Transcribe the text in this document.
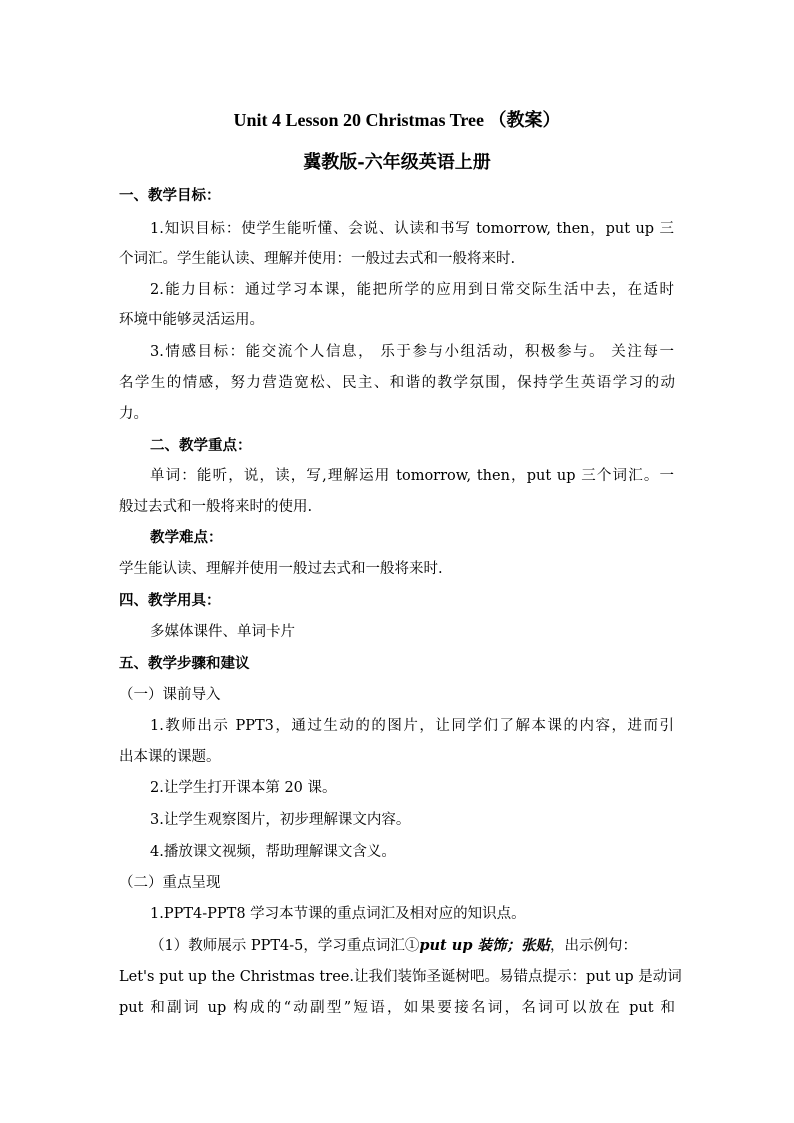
Unit 4 Lesson 20 Christmas Tree （教案）
冀教版-六年级英语上册
一、教学目标：
1.知识目标：使学生能听懂、会说、认读和书写 tomorrow, then，put up 三
个词汇。学生能认读、理解并使用：一般过去式和一般将来时.
2.能力目标：通过学习本课，能把所学的应用到日常交际生活中去，在适时
环境中能够灵活运用。
3.情感目标：能交流个人信息， 乐于参与小组活动，积极参与。 关注每一
名学生的情感，努力营造宽松、民主、和谐的教学氛围，保持学生英语学习的动
力。
二、教学重点：
单词：能听，说，读，写,理解运用 tomorrow, then，put up 三个词汇。一
般过去式和一般将来时的使用.
教学难点：
学生能认读、理解并使用一般过去式和一般将来时.
四、教学用具：
多媒体课件、单词卡片
五、教学步骤和建议
（一）课前导入
1.教师出示 PPT3，通过生动的的图片，让同学们了解本课的内容，进而引
出本课的课题。
2.让学生打开课本第 20 课。
3.让学生观察图片，初步理解课文内容。
4.播放课文视频，帮助理解课文含义。
（二）重点呈现
1.PPT4-PPT8 学习本节课的重点词汇及相对应的知识点。
（1）教师展示 PPT4-5，学习重点词汇①put up 装饰；张贴，出示例句：
Let's put up the Christmas tree.让我们装饰圣诞树吧。易错点提示：put up 是动词
put 和副词 up 构成的“动副型”短语，如果要接名词，名词可以放在 put 和
